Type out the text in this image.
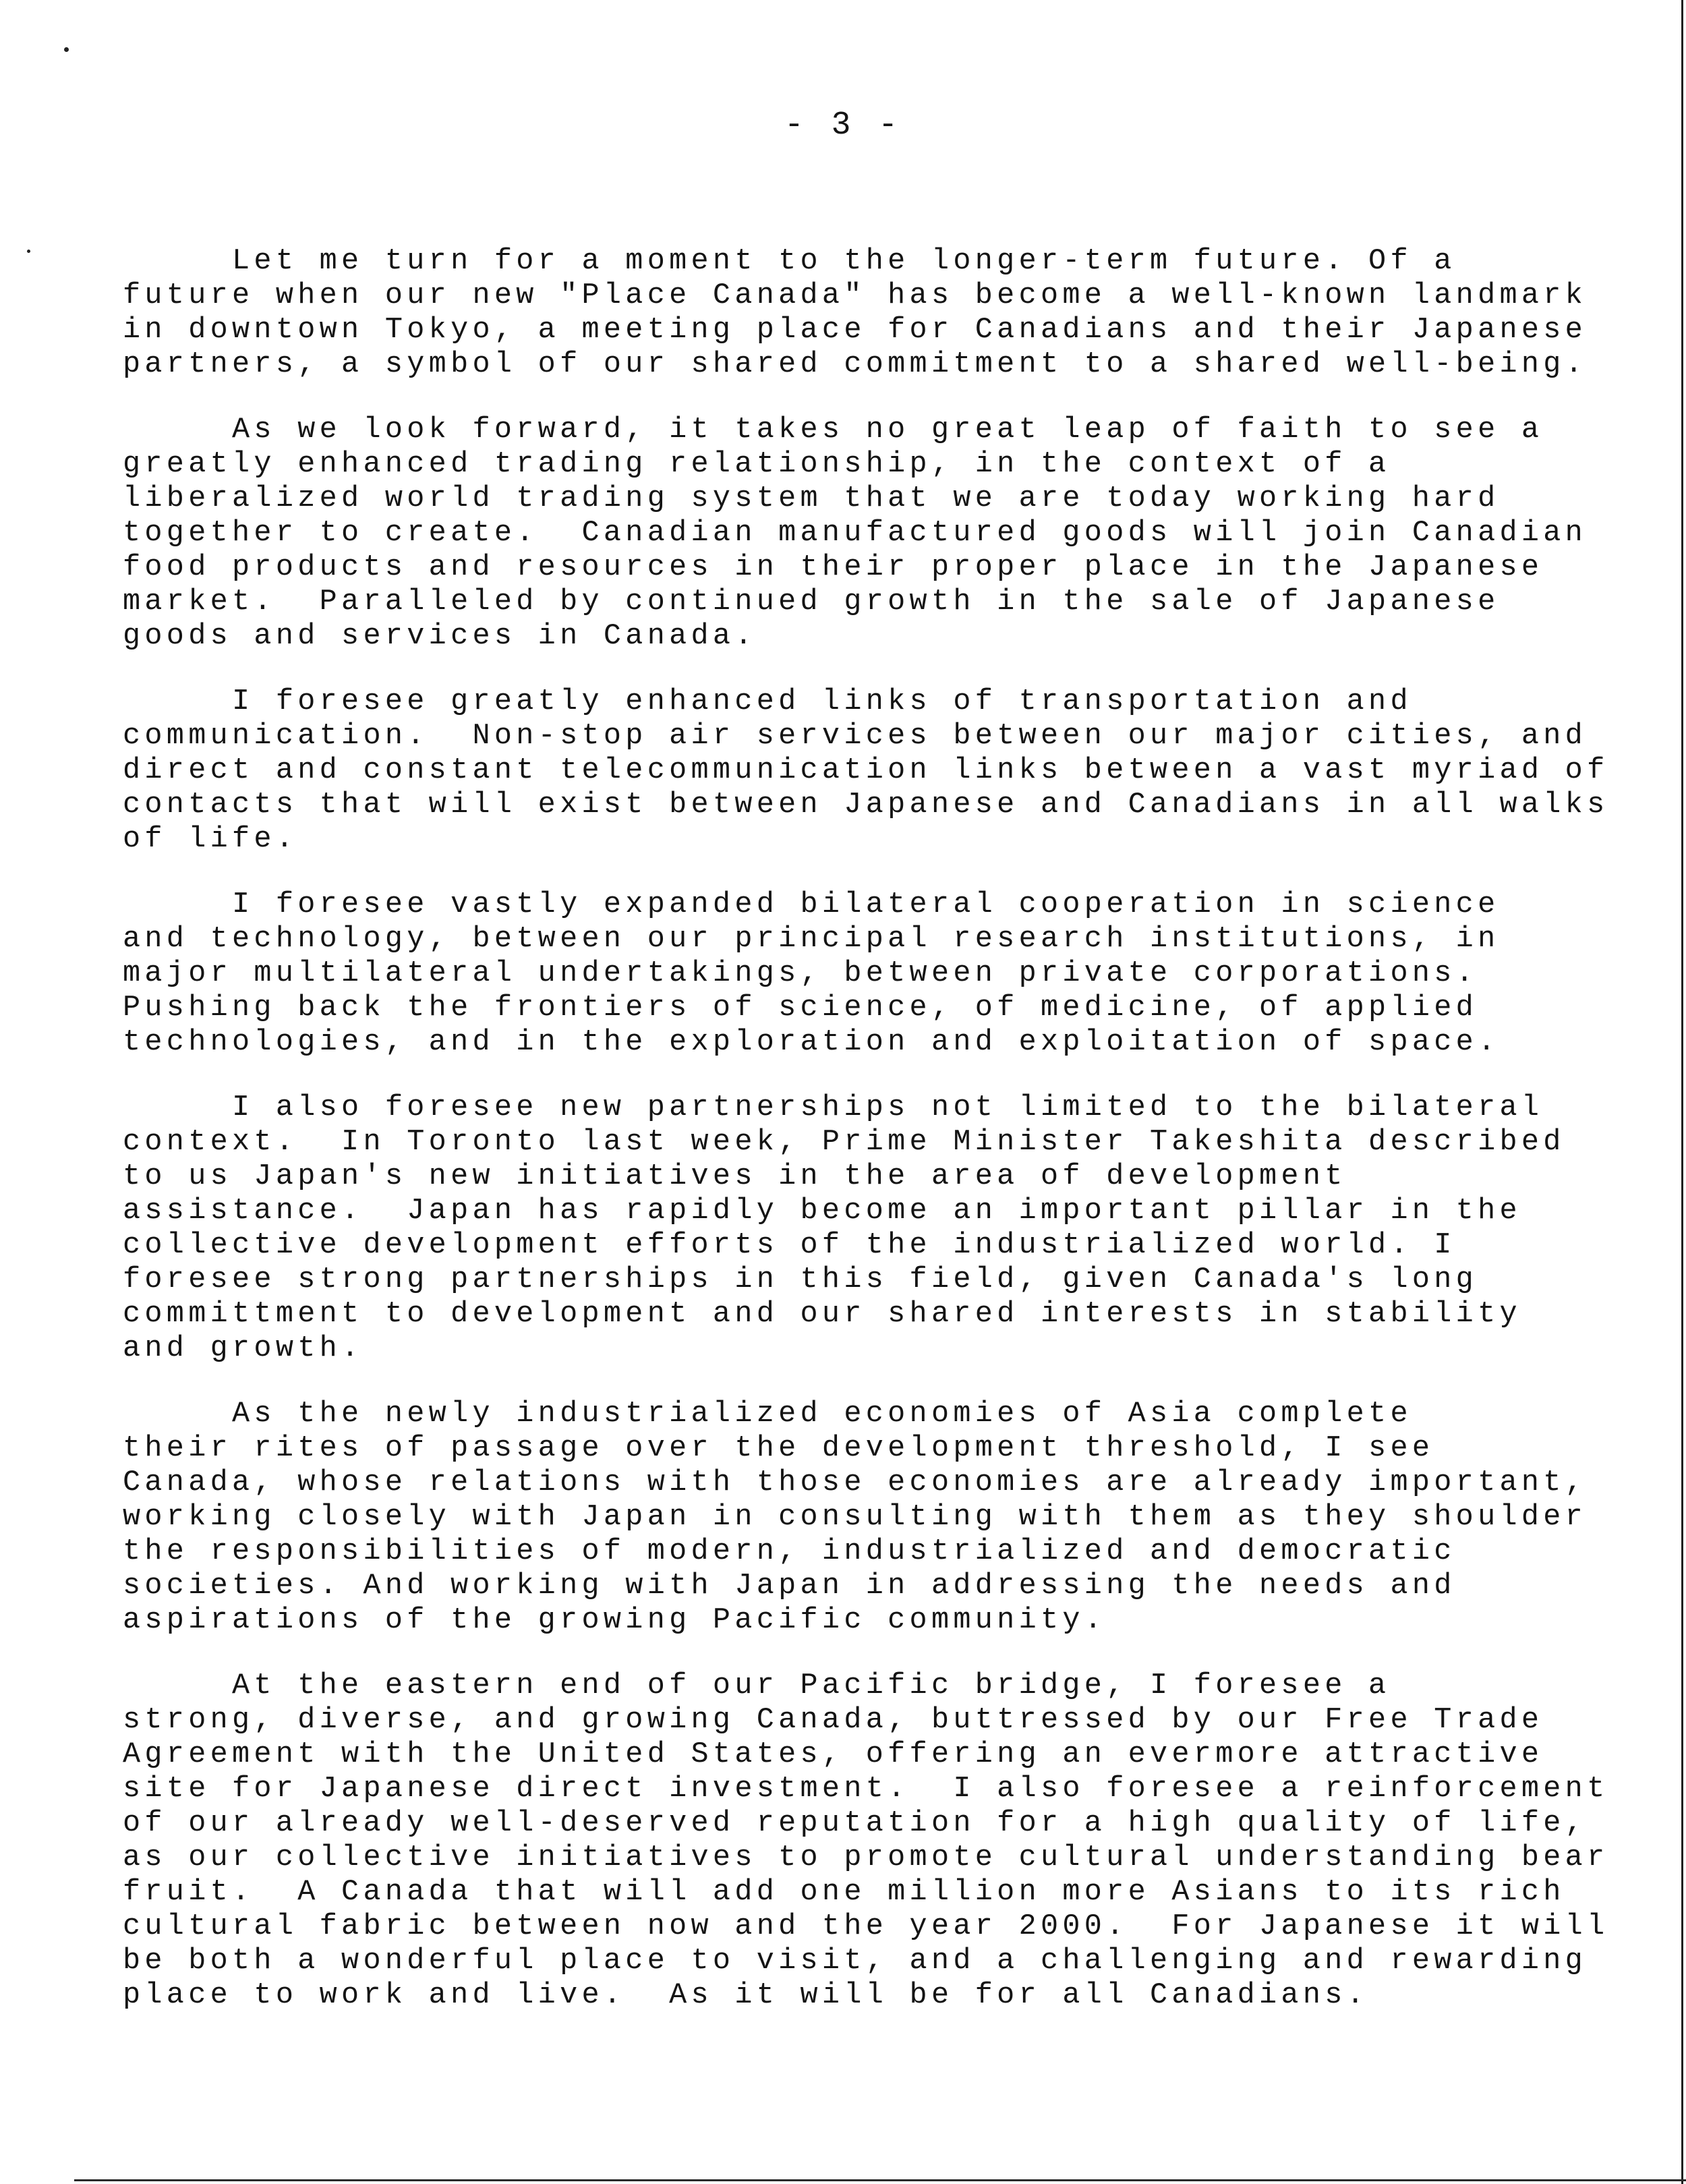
- 3 -
Let me turn for a moment to the longer-term future. Of a
future when our new "Place Canada" has become a well-known landmark
in downtown Tokyo, a meeting place for Canadians and their Japanese
partners, a symbol of our shared commitment to a shared well-being.
As we look forward, it takes no great leap of faith to see a
greatly enhanced trading relationship, in the context of a
liberalized world trading system that we are today working hard
together to create.  Canadian manufactured goods will join Canadian
food products and resources in their proper place in the Japanese
market.  Paralleled by continued growth in the sale of Japanese
goods and services in Canada.
I foresee greatly enhanced links of transportation and
communication.  Non-stop air services between our major cities, and
direct and constant telecommunication links between a vast myriad of
contacts that will exist between Japanese and Canadians in all walks
of life.
I foresee vastly expanded bilateral cooperation in science
and technology, between our principal research institutions, in
major multilateral undertakings, between private corporations.
Pushing back the frontiers of science, of medicine, of applied
technologies, and in the exploration and exploitation of space.
I also foresee new partnerships not limited to the bilateral
context.  In Toronto last week, Prime Minister Takeshita described
to us Japan's new initiatives in the area of development
assistance.  Japan has rapidly become an important pillar in the
collective development efforts of the industrialized world. I
foresee strong partnerships in this field, given Canada's long
committment to development and our shared interests in stability
and growth.
As the newly industrialized economies of Asia complete
their rites of passage over the development threshold, I see
Canada, whose relations with those economies are already important,
working closely with Japan in consulting with them as they shoulder
the responsibilities of modern, industrialized and democratic
societies. And working with Japan in addressing the needs and
aspirations of the growing Pacific community.
At the eastern end of our Pacific bridge, I foresee a
strong, diverse, and growing Canada, buttressed by our Free Trade
Agreement with the United States, offering an evermore attractive
site for Japanese direct investment.  I also foresee a reinforcement
of our already well-deserved reputation for a high quality of life,
as our collective initiatives to promote cultural understanding bear
fruit.  A Canada that will add one million more Asians to its rich
cultural fabric between now and the year 2000.  For Japanese it will
be both a wonderful place to visit, and a challenging and rewarding
place to work and live.  As it will be for all Canadians.
